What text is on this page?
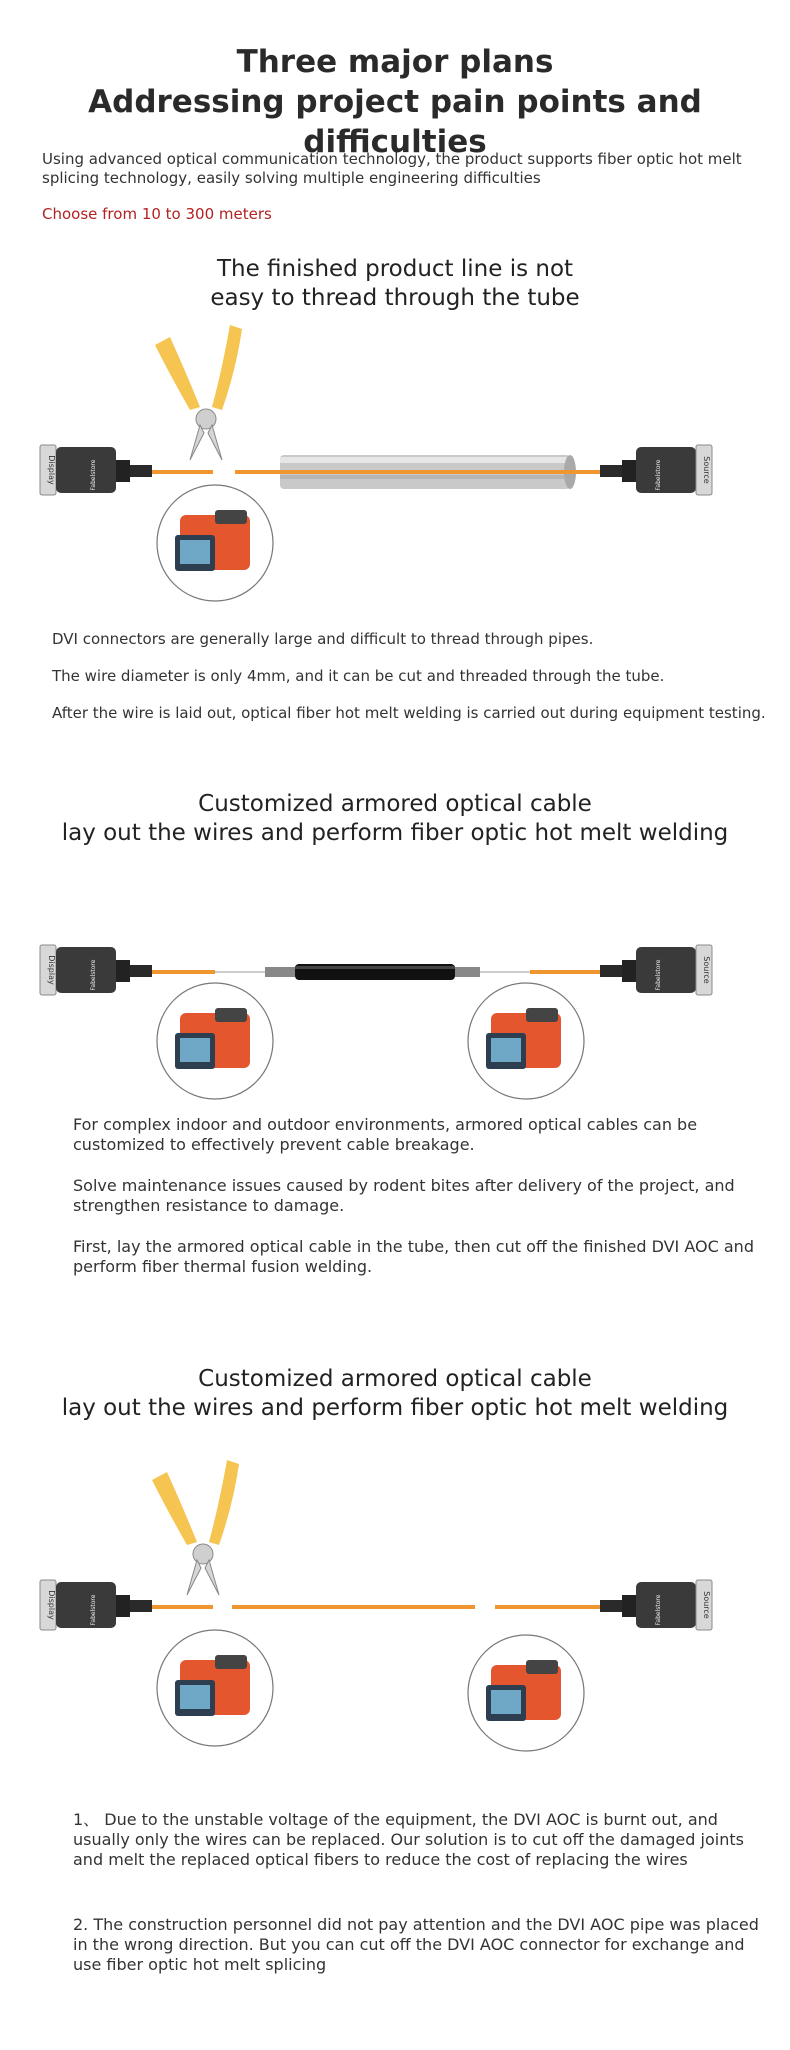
Three major plans
Addressing project pain points and difficulties
Using advanced optical communication technology, the product supports fiber optic hot melt splicing technology, easily solving multiple engineering difficulties
Choose from 10 to 300 meters
The finished product line is not
easy to thread through the tube
Display	Fabelstore	Source
Fabelstore
DVI connectors are generally large and difficult to thread through pipes.
The wire diameter is only 4mm, and it can be cut and threaded through the tube.
After the wire is laid out, optical fiber hot melt welding is carried out during equipment testing.
Customized armored optical cable
lay out the wires and perform fiber optic hot melt welding
Display	Fabelstore	Source
Fabelstore
For complex indoor and outdoor environments, armored optical cables can be customized to effectively prevent cable breakage.
Solve maintenance issues caused by rodent bites after delivery of the project, and strengthen resistance to damage.
First, lay the armored optical cable in the tube, then cut off the finished DVI AOC and perform fiber thermal fusion welding.
Customized armored optical cable
lay out the wires and perform fiber optic hot melt welding
Display	Fabelstore	Source
Fabelstore
1、 Due to the unstable voltage of the equipment, the DVI AOC is burnt out, and usually only the wires can be replaced. Our solution is to cut off the damaged joints and melt the replaced optical fibers to reduce the cost of replacing the wires
2. The construction personnel did not pay attention and the DVI AOC pipe was placed in the wrong direction. But you can cut off the DVI AOC connector for exchange and use fiber optic hot melt splicing
